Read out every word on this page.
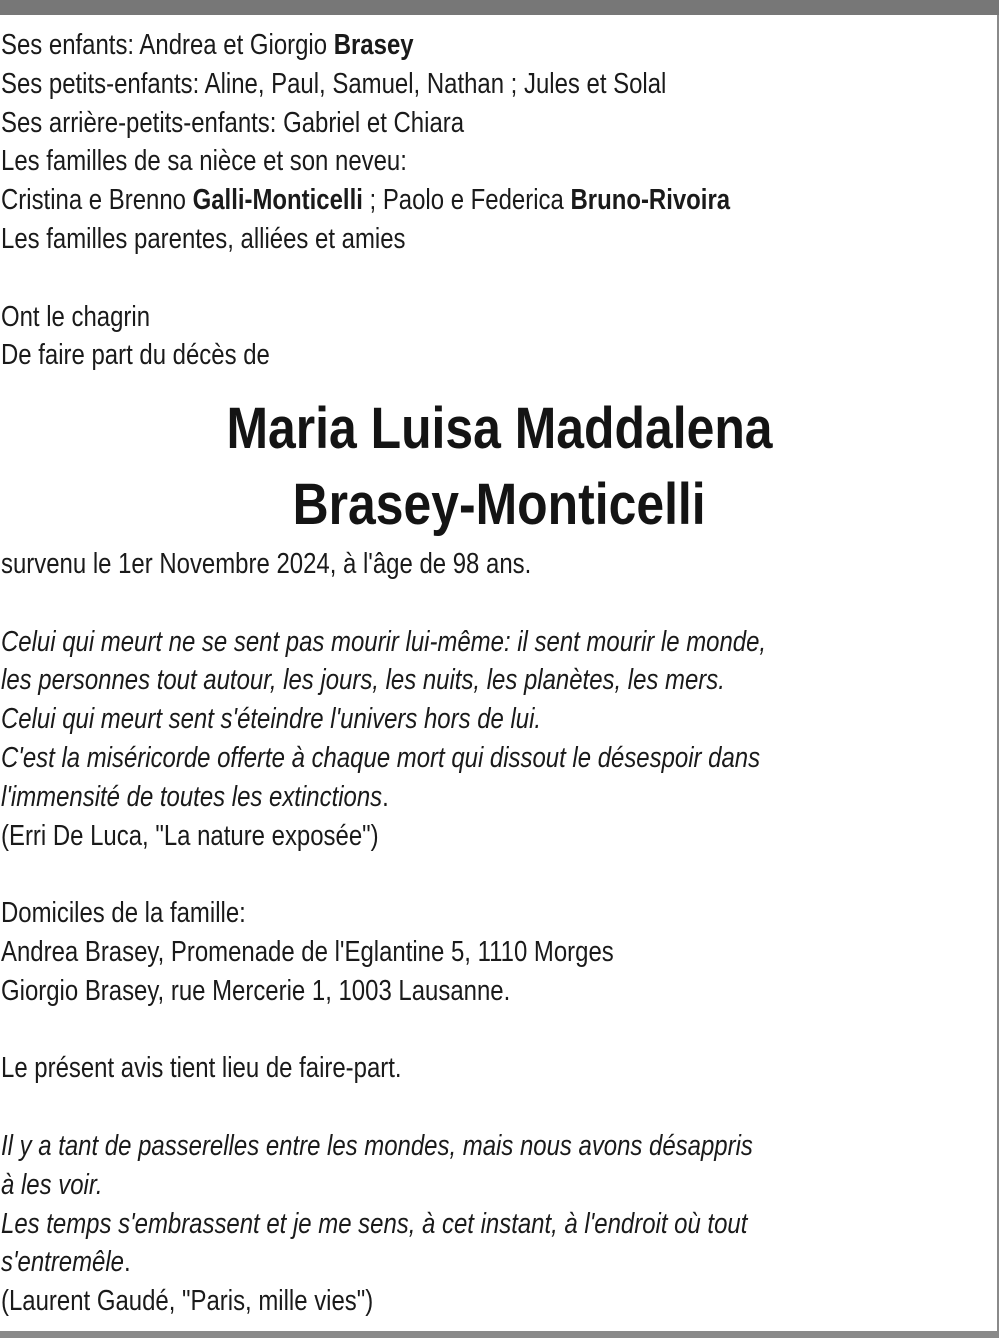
Ses enfants: Andrea et Giorgio Brasey
Ses petits-enfants: Aline, Paul, Samuel, Nathan ; Jules et Solal
Ses arrière-petits-enfants: Gabriel et Chiara
Les familles de sa nièce et son neveu:
Cristina e Brenno Galli-Monticelli ; Paolo e Federica Bruno-Rivoira
Les familles parentes, alliées et amies
Ont le chagrin
De faire part du décès de
Maria Luisa Maddalena
Brasey-Monticelli
survenu le 1er Novembre 2024, à l'âge de 98 ans.
Celui qui meurt ne se sent pas mourir lui-même: il sent mourir le monde,
les personnes tout autour, les jours, les nuits, les planètes, les mers.
Celui qui meurt sent s'éteindre l'univers hors de lui.
C'est la miséricorde offerte à chaque mort qui dissout le désespoir dans
l'immensité de toutes les extinctions.
(Erri De Luca, "La nature exposée")
Domiciles de la famille:
Andrea Brasey, Promenade de l'Eglantine 5, 1110 Morges
Giorgio Brasey, rue Mercerie 1, 1003 Lausanne.
Le présent avis tient lieu de faire-part.
Il y a tant de passerelles entre les mondes, mais nous avons désappris
à les voir.
Les temps s'embrassent et je me sens, à cet instant, à l'endroit où tout
s'entremêle.
(Laurent Gaudé, "Paris, mille vies")
